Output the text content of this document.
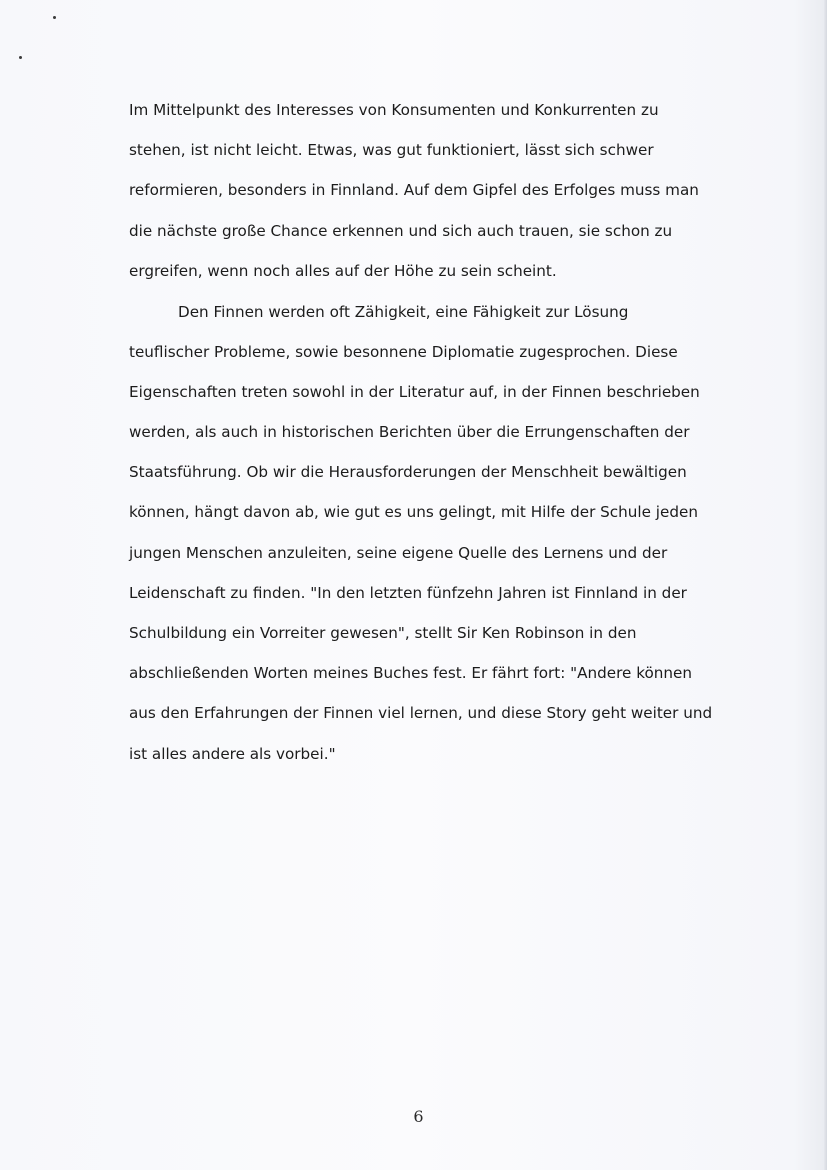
Im Mittelpunkt des Interesses von Konsumenten und Konkurrenten zu
stehen, ist nicht leicht. Etwas, was gut funktioniert, lässt sich schwer
reformieren, besonders in Finnland. Auf dem Gipfel des Erfolges muss man
die nächste große Chance erkennen und sich auch trauen, sie schon zu
ergreifen, wenn noch alles auf der Höhe zu sein scheint.
Den Finnen werden oft Zähigkeit, eine Fähigkeit zur Lösung
teuflischer Probleme, sowie besonnene Diplomatie zugesprochen. Diese
Eigenschaften treten sowohl in der Literatur auf, in der Finnen beschrieben
werden, als auch in historischen Berichten über die Errungenschaften der
Staatsführung. Ob wir die Herausforderungen der Menschheit bewältigen
können, hängt davon ab, wie gut es uns gelingt, mit Hilfe der Schule jeden
jungen Menschen anzuleiten, seine eigene Quelle des Lernens und der
Leidenschaft zu finden. "In den letzten fünfzehn Jahren ist Finnland in der
Schulbildung ein Vorreiter gewesen", stellt Sir Ken Robinson in den
abschließenden Worten meines Buches fest. Er fährt fort: "Andere können
aus den Erfahrungen der Finnen viel lernen, und diese Story geht weiter und
ist alles andere als vorbei."
6
